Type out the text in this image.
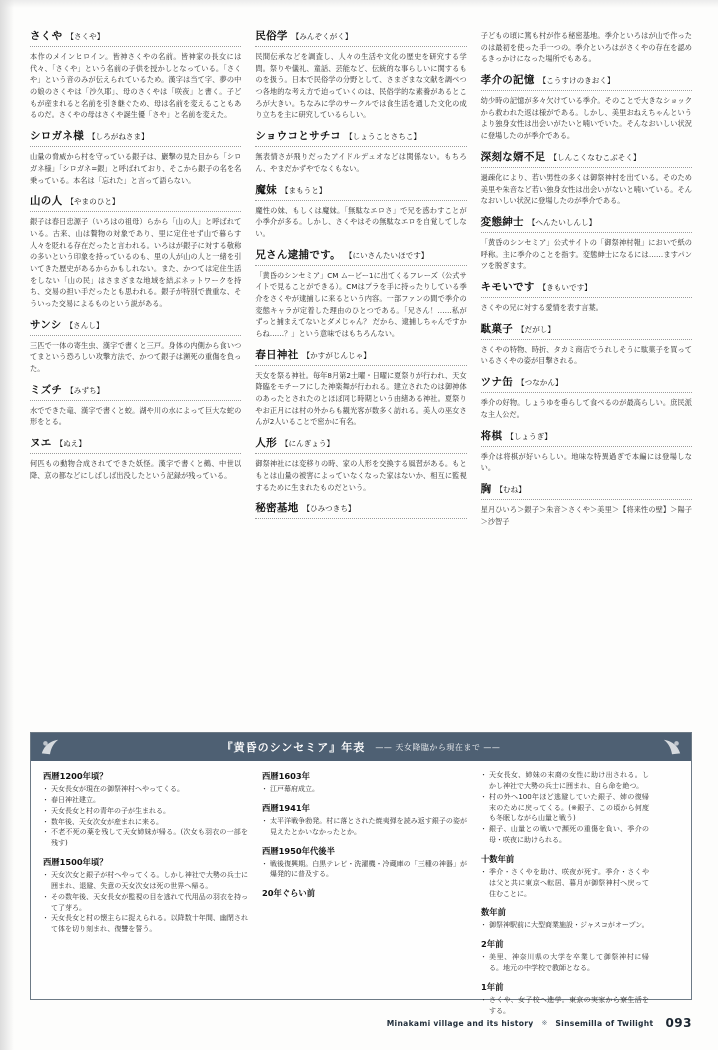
さくや 【さくや】
本作のメインヒロイン。皆神さくやの名前。皆神家の長女には代々、「さくや」という名前の子供を授かしとなっている。「さくや」という音のみが伝えられているため。漢字は当て字、夢の中の娘のさくやは「沙久耶」、母のさくやは「咲夜」と書く。子どもが産まれると名前を引き継ぐため、母は名前を変えることもあるのだ。さくやの母はさくや誕生優「さや」と名前を変えた。
シロガネ様 【しろがねさま】
山量の脅威から村を守っている銀子は、巖撃の見た目から「シロガネ様」「シロガネ=銀」と呼ばれており、そこから銀子の名を名乗っている。本名は「忘れた」と言って語らない。
山の人 【やまのひと】
銀子は春日忠源子（いろはの祖母）らから「山の人」と呼ばれている。古来、山は贅物の対象であり、里に定住せず山で暮らす人々を貶れる存在だったと言われる。いろはが銀子に対する敬称の多いという印象を持っているのも、里の人が山の人と一緒を引いてきた歴史があるからかもしれない。また、かつては定住生活をしない「山の民」はさまざまな地域を結ぶネットワークを持ち、交易の担い手だったとも思われる。銀子が特別で貴重な、そういった交易によるものという説がある。
サンシ 【さんし】
三匹で一体の寄生虫、漢字で書くと三戸。身体の内側から食いつてまという恐ろしい攻撃方法で、かつて銀子は瀕死の重傷を負った。
ミズチ 【みずち】
水でできた竜、漢字で書くと蛟。湖や川の水によって巨大な蛇の形をとる。
ヌエ 【ぬえ】
何匹もの動物合成されてできた妖怪。漢字で書くと鵺、中世以降、京の都などにしばしば出没したという記録が残っている。
民俗学 【みんぞくがく】
民間伝承などを調査し、人々の生活や文化の歴史を研究する学問。祭りや儀礼、童話、芸能など、伝統的な事らしいに関するものを扱う。日本で民俗学の分野として、さまざまな文献を調べつつ各地的な考え方で迫っていくのは、民俗学的な素養があるところが大きい。ちなみに学のサークルでは食生活を通した文化の成り立ちを主に研究しているらしい。
ショウコとサチコ 【しょうことさちこ】
無表情さが飛りだったアイドルデュオなどは関係ない。もちろん、やまだかずやでなくもない。
魔妹 【まもうと】
魔性の妹、もしくは魔妹。「無駄なエロさ」で兄を惑わすことが小季介が多る。しかし、さくやはその無駄なエロを自覚してしない。
兄さん逮捕です。 【にいさんたいほです】
「黄昏のシンセミア」CM ムービー1に出てくるフレーズ（公式サイトで見ることができる）。CMはプラを手に持ったりしている季介をさくやが逮捕しに来るという内容。一部ファンの間で季介の変態キャラが定着した理由のひとつである。「兄さん！……私がずっと捕まえてないとダメじゃん？ だから、逮捕しちゃんですからね……？」という意味ではもちろんない。
春日神社 【かすがじんじゃ】
天女を祭る神社。毎年8月第2土曜・日曜に夏祭りが行われ、天女降臨をモチーフにした神楽舞が行われる。建立されたのは御神体のあったとされたのとほぼ同じ時期という由緒ある神社。夏祭りやお正月には村の外からも観光客が数多く訪れる。美人の巫女さんが2人いることで密かに有名。
人形 【にんぎょう】
御祭神社には変移りの時、家の人形を交換する風習がある。もともとは山量の被害によっていなくなった家はないか、相互に監視するために生まれたものだという。
秘密基地 【ひみつきち】
子どもの頃に篤も村が作る秘密基地。季介といろはが山で作ったのは最初を使った手一つの。季介といろはがさくやの存在を認めるきっかけになった場所でもある。
孝介の記憶 【こうすけのきおく】
幼少時の記憶が多々欠けている季介。そのことで大きなショックから救われた返は様がである。しかし、美里おねえちゃんというより独身女性は出会いがたいと喃いでいた。そんなおいしい状況に登場したのが季介である。
深刻な婿不足 【しんこくなむこぶそく】
過疎化により、若い男性の多くは御祭神村を出ている。そのため美里や朱音など若い独身女性は出会いがないと喃いている。そんなおいしい状況に登場したのが季介である。
変態紳士 【へんたいしんし】
「黄昏のシンセミア」公式サイトの「御祭神村報」においで紙の呼称。主に季介のことを指す。変態紳士になるには……ますパンツを脱ぎます。
キモいです 【きもいです】
さくやの兄に対する愛情を表す言葉。
駄菓子 【だがし】
さくやの特物、時折、タカミ商店でうれしそうに駄菓子を買っているさくやの姿が目撃される。
ツナ缶 【つなかん】
季介の好物。しょうゆを垂らして食べるのが最高らしい。庶民派な主人公だ。
将棋 【しょうぎ】
季介は将棋が好いらしい。地味な特異過ぎで本編には登場しない。
胸 【むね】
星月ひいろ＞銀子＞朱音＞さくや＞美里＞【将来性の壁】＞陽子＞沙智子
『黄昏のシンセミア』年表 —— 天女降臨から現在まで ——
西暦1200年頃？
・ 天女長女が現在の御祭神村へやってくる。
・ 春日神社建立。
・ 天女長女と村の青年の子が生まれる。
・ 数年後、天女次女が産まれに来る。
・ 不老不死の薬を残して天女姉妹が帰る。(次女も羽衣の一部を残す)
西暦1500年頃？
・ 天女次女と銀子が村へやってくる。しかし神社で大勢の兵士に囲まれ、退避、失意の天女次女は死の世界へ帰る。
・ その数年後、天女長女が監視の目を逃れて代用品の羽衣を持って了芽ろ。
・ 天女長女と村の懐主らに捉えられる。以降数十年間、幽閉されて体を切り刻まれ、復讐を誓う。
西暦1603年
・ 江戸幕府成立。
西暦1941年
・ 太平洋戦争勃発。村に落とされた焼夷弾を読み返す銀子の姿が見えたとかいなかったとか。
西暦1950年代後半
・ 戦後復興期。白黒テレビ・洗濯機・冷蔵庫の「三種の神器」が爆発的に普及する。
20年ぐらい前
・ 天女長女、姉妹の末裔の女性に助け出される。しかし神社で大勢の兵士に囲まれ、自ら命を絶つ。
・ 村の外へ100年ほど逃避していた銀子、姉の復帰末のために戻ってくる。(※銀子、この頃から何度も冬眠しながら山量と戦う)
・ 銀子、山量との戦いで瀕死の重傷を負い、季介の母・咲夜に助けられる。
十数年前
・ 季介・さくやを助け、咲夜が死す。季介・さくやは父と共に東京へ転居、暮月が御祭神村へ戻って住むことに。
数年前
・ 御祭神駅前に大型商業施設・ジャスコがオープン。
2年前
・ 美里、神奈川県の大学を卒業して御祭神村に帰る。地元の中学校で教師となる。
1年前
・ さくや、女子校へ進学。東京の実家から寮生活をする。
Minakami village and its history ※ Sinsemilla of Twilight 093
